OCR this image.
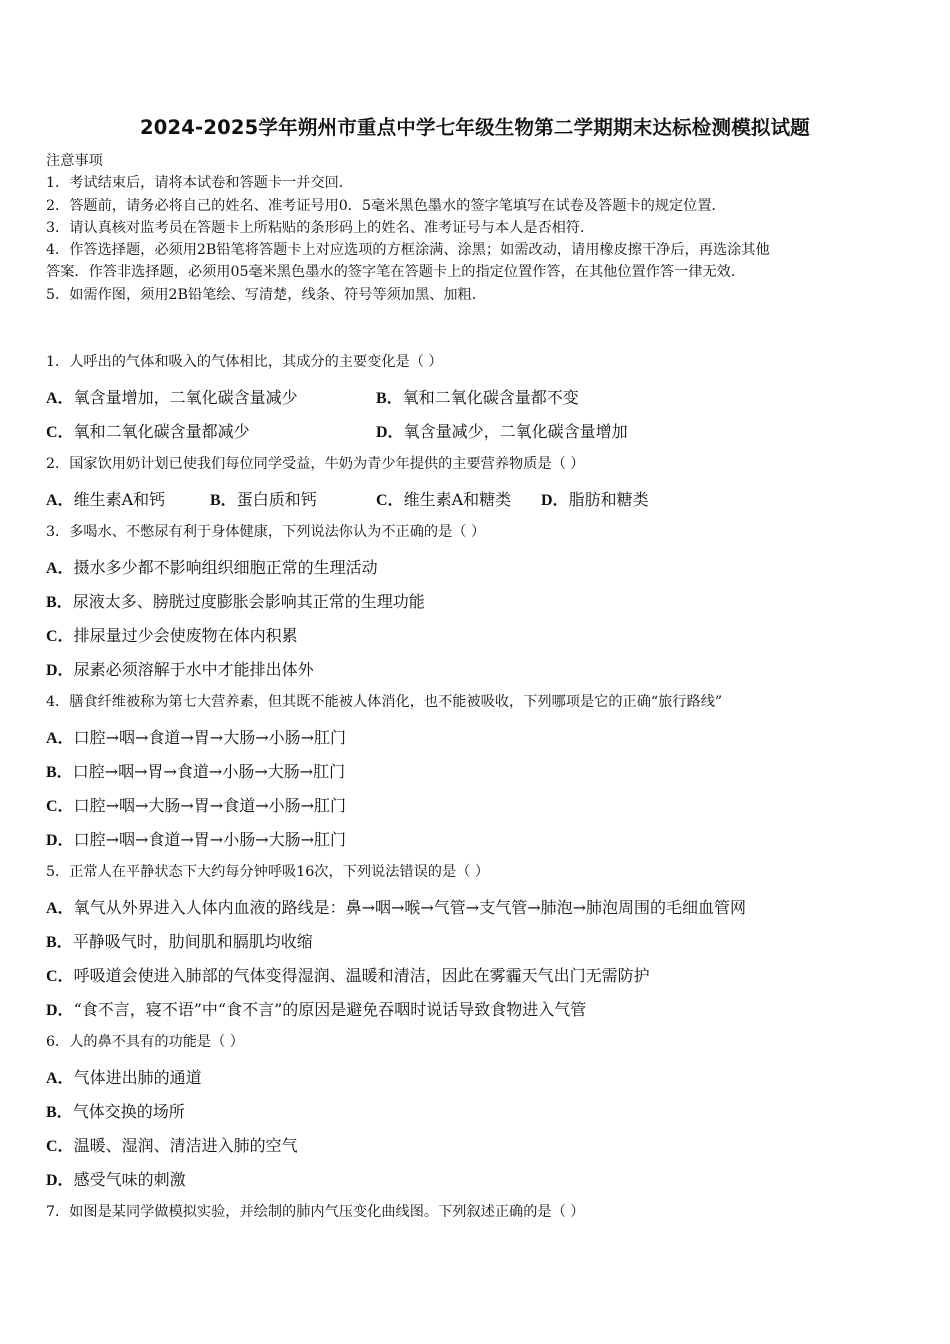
2024-2025学年朔州市重点中学七年级生物第二学期期末达标检测模拟试题
注意事项
1．考试结束后，请将本试卷和答题卡一并交回．
2．答题前，请务必将自己的姓名、准考证号用0．5毫米黑色墨水的签字笔填写在试卷及答题卡的规定位置．
3．请认真核对监考员在答题卡上所粘贴的条形码上的姓名、准考证号与本人是否相符．
4．作答选择题，必须用2B铅笔将答题卡上对应选项的方框涂满、涂黑；如需改动，请用橡皮擦干净后，再选涂其他
答案．作答非选择题，必须用05毫米黑色墨水的签字笔在答题卡上的指定位置作答，在其他位置作答一律无效．
5．如需作图，须用2B铅笔绘、写清楚，线条、符号等须加黑、加粗．
1．人呼出的气体和吸入的气体相比，其成分的主要变化是（ ）
A．氧含量增加，二氧化碳含量减少	B．氧和二氧化碳含量都不变
C．氧和二氧化碳含量都减少	D．氧含量减少，二氧化碳含量增加
2．国家饮用奶计划已使我们每位同学受益，牛奶为青少年提供的主要营养物质是（ ）
A．维生素A和钙	B．蛋白质和钙	C．维生素A和糖类 D．脂肪和糖类
3．多喝水、不憋尿有利于身体健康，下列说法你认为不正确的是（ ）
A．摄水多少都不影响组织细胞正常的生理活动
B．尿液太多、膀胱过度膨胀会影响其正常的生理功能
C．排尿量过少会使废物在体内积累
D．尿素必须溶解于水中才能排出体外
4．膳食纤维被称为第七大营养素，但其既不能被人体消化，也不能被吸收，下列哪项是它的正确“旅行路线”
A．口腔→咽→食道→胃→大肠→小肠→肛门
B．口腔→咽→胃→食道→小肠→大肠→肛门
C．口腔→咽→大肠→胃→食道→小肠→肛门
D．口腔→咽→食道→胃→小肠→大肠→肛门
5．正常人在平静状态下大约每分钟呼吸16次，下列说法错误的是（ ）
A．氧气从外界进入人体内血液的路线是：鼻→咽→喉→气管→支气管→肺泡→肺泡周围的毛细血管网
B．平静吸气时，肋间肌和膈肌均收缩
C．呼吸道会使进入肺部的气体变得湿润、温暖和清洁，因此在雾霾天气出门无需防护
D．“食不言，寝不语”中“食不言”的原因是避免吞咽时说话导致食物进入气管
6．人的鼻不具有的功能是（ ）
A．气体进出肺的通道
B．气体交换的场所
C．温暖、湿润、清洁进入肺的空气
D．感受气味的刺激
7．如图是某同学做模拟实验，并绘制的肺内气压变化曲线图。下列叙述正确的是（ ）
